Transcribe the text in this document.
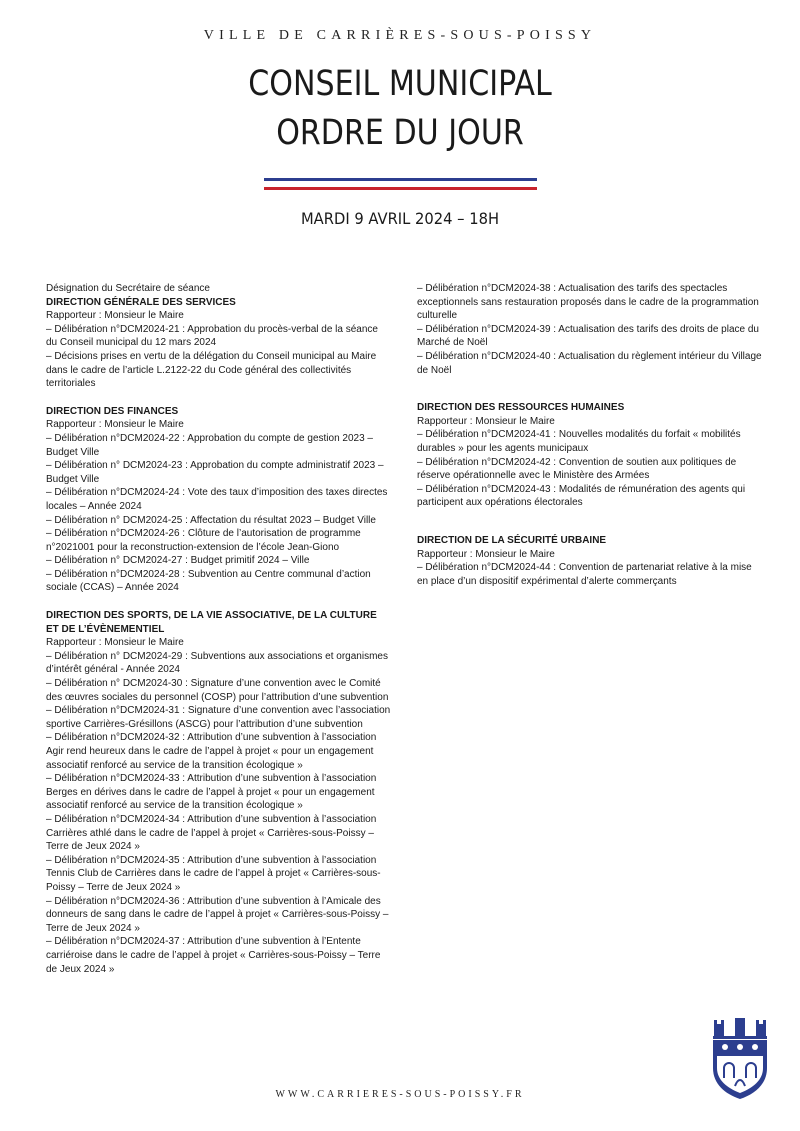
VILLE DE CARRIÈRES-SOUS-POISSY
CONSEIL MUNICIPAL
ORDRE DU JOUR
MARDI 9 AVRIL 2024 – 18H

Désignation du Secrétaire de séance

DIRECTION GÉNÉRALE DES SERVICES

Rapporteur : Monsieur le Maire

– Délibération n°DCM2024-21 : Approbation du procès-verbal de la séance du Conseil municipal du 12 mars 2024

– Décisions prises en vertu de la délégation du Conseil municipal au Maire dans le cadre de l’article L.2122-22 du Code général des collectivités territoriales

DIRECTION DES FINANCES

Rapporteur : Monsieur le Maire

– Délibération n°DCM2024-22 : Approbation du compte de gestion 2023 – Budget Ville

– Délibération n° DCM2024-23 : Approbation du compte administratif 2023 – Budget Ville

– Délibération n°DCM2024-24 : Vote des taux d’imposition des taxes directes locales – Année 2024

– Délibération n° DCM2024-25 : Affectation du résultat 2023 – Budget Ville

– Délibération n°DCM2024-26 : Clôture de l’autorisation de programme n°2021001 pour la reconstruction-extension de l’école Jean-Giono

– Délibération n° DCM2024-27 : Budget primitif 2024 – Ville

– Délibération n°DCM2024-28 : Subvention au Centre communal d’action sociale (CCAS) – Année 2024

DIRECTION DES SPORTS, DE LA VIE ASSOCIATIVE, DE LA CULTURE ET DE L’ÉVÈNEMENTIEL

Rapporteur : Monsieur le Maire

– Délibération n° DCM2024-29 : Subventions aux associations et organismes d’intérêt général - Année 2024

– Délibération n° DCM2024-30 : Signature d’une convention avec le Comité des œuvres sociales du personnel (COSP) pour l’attribution d’une subvention

– Délibération n°DCM2024-31 : Signature d’une convention avec l’association sportive Carrières-Grésillons (ASCG) pour l’attribution d’une subvention

– Délibération n°DCM2024-32 : Attribution d’une subvention à l’association Agir rend heureux dans le cadre de l’appel à projet « pour un engagement associatif renforcé au service de la transition écologique »

– Délibération n°DCM2024-33 : Attribution d’une subvention à l’association Berges en dérives dans le cadre de l’appel à projet « pour un engagement associatif renforcé au service de la transition écologique »

– Délibération n°DCM2024-34 : Attribution d’une subvention à l’association Carrières athlé dans le cadre de l’appel à projet « Carrières-sous-Poissy – Terre de Jeux 2024 »

– Délibération n°DCM2024-35 : Attribution d’une subvention à l’association Tennis Club de Carrières dans le cadre de l’appel à projet « Carrières-sous-Poissy – Terre de Jeux 2024 »

– Délibération n°DCM2024-36 : Attribution d’une subvention à l’Amicale des donneurs de sang dans le cadre de l’appel à projet « Carrières-sous-Poissy – Terre de Jeux 2024 »

– Délibération n°DCM2024-37 : Attribution d’une subvention à l’Entente carriéroise dans le cadre de l’appel à projet « Carrières-sous-Poissy – Terre de Jeux 2024 »

– Délibération n°DCM2024-38 : Actualisation des tarifs des spectacles exceptionnels sans restauration proposés dans le cadre de la programmation culturelle

– Délibération n°DCM2024-39 : Actualisation des tarifs des droits de place du Marché de Noël

– Délibération n°DCM2024-40 : Actualisation du règlement intérieur du Village de Noël

DIRECTION DES RESSOURCES HUMAINES

Rapporteur : Monsieur le Maire

– Délibération n°DCM2024-41 : Nouvelles modalités du forfait « mobilités durables » pour les agents municipaux

– Délibération n°DCM2024-42 : Convention de soutien aux politiques de réserve opérationnelle avec le Ministère des Armées

– Délibération n°DCM2024-43 : Modalités de rémunération des agents qui participent aux opérations électorales

DIRECTION DE LA SÉCURITÉ URBAINE

Rapporteur : Monsieur le Maire

– Délibération n°DCM2024-44 : Convention de partenariat relative à la mise en place d’un dispositif expérimental d’alerte commerçants

WWW.CARRIERES-SOUS-POISSY.FR
